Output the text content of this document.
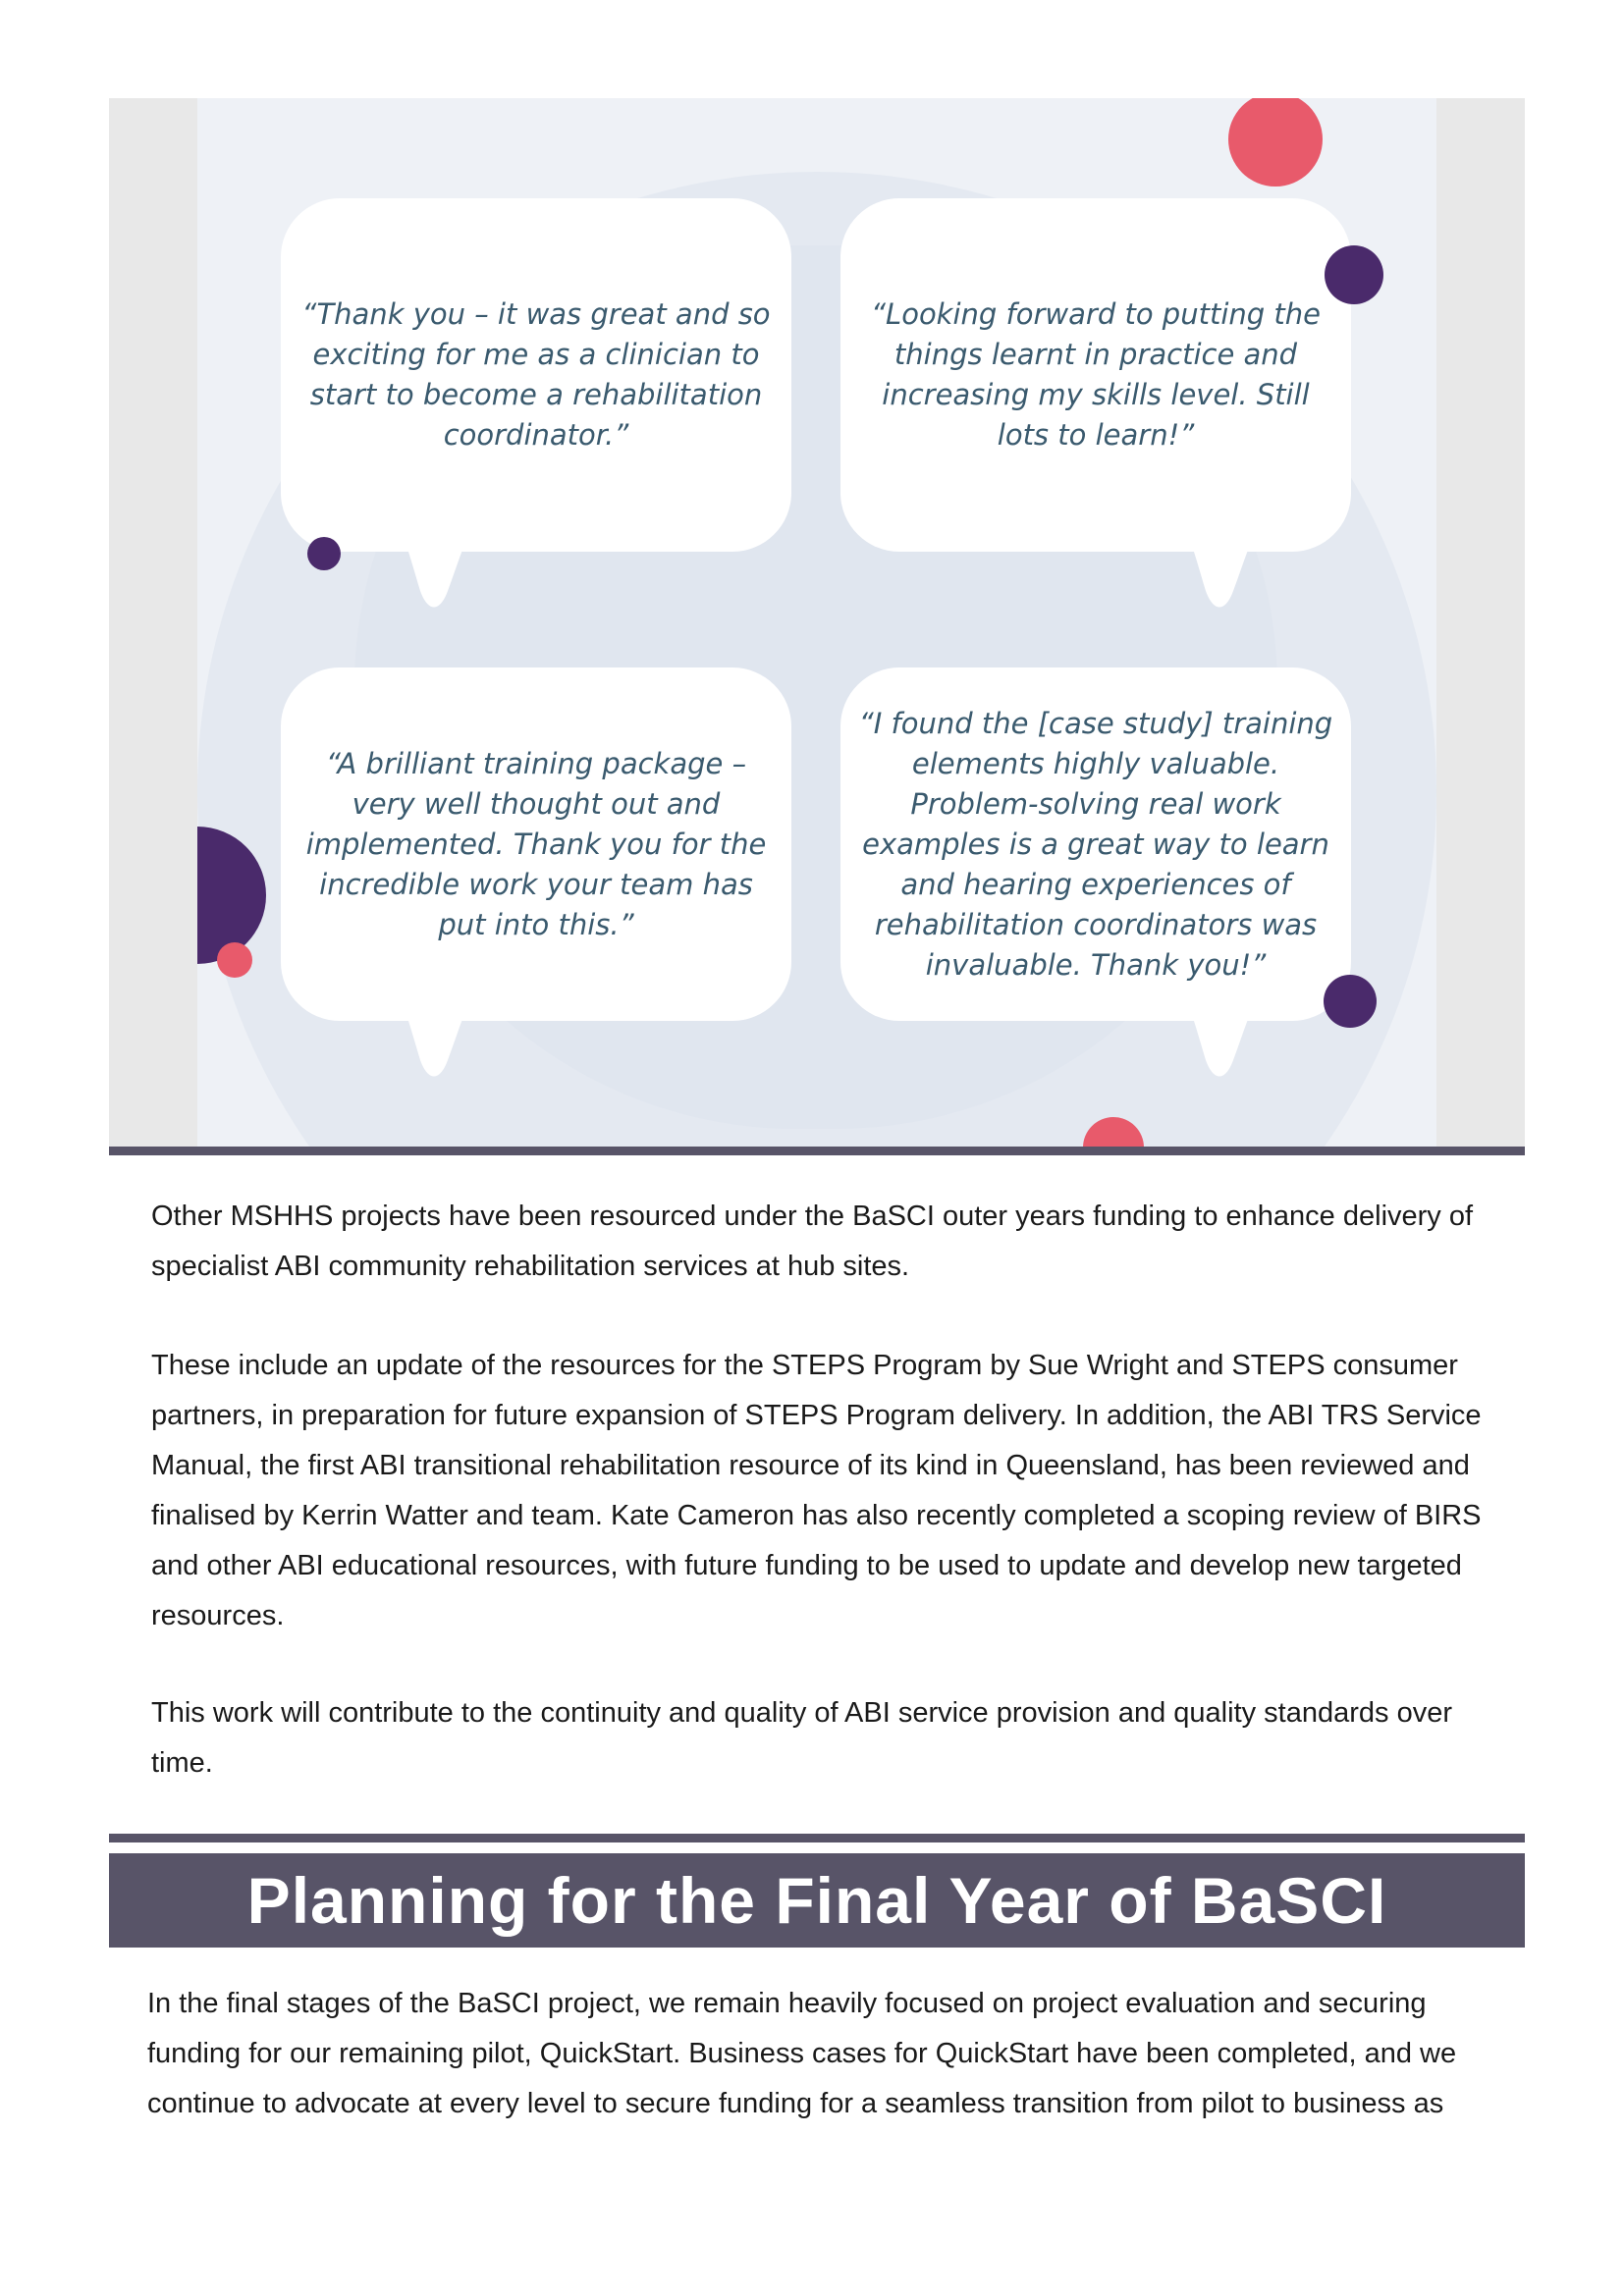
“Thank you – it was great and so exciting for me as a clinician to start to become a rehabilitation coordinator.”

“Looking forward to putting the things learnt in practice and increasing my skills level. Still lots to learn!”

“A brilliant training package – very well thought out and implemented. Thank you for the incredible work your team has put into this.”

“I found the [case study] training elements highly valuable. Problem-solving real work examples is a great way to learn and hearing experiences of rehabilitation coordinators was invaluable. Thank you!”

Other MSHHS projects have been resourced under the BaSCI outer years funding to enhance delivery of specialist ABI community rehabilitation services at hub sites.

These include an update of the resources for the STEPS Program by Sue Wright and STEPS consumer partners, in preparation for future expansion of STEPS Program delivery. In addition, the ABI TRS Service Manual, the first ABI transitional rehabilitation resource of its kind in Queensland, has been reviewed and finalised by Kerrin Watter and team. Kate Cameron has also recently completed a scoping review of BIRS and other ABI educational resources, with future funding to be used to update and develop new targeted resources.

This work will contribute to the continuity and quality of ABI service provision and quality standards over time.

Planning for the Final Year of BaSCI

In the final stages of the BaSCI project, we remain heavily focused on project evaluation and securing funding for our remaining pilot, QuickStart. Business cases for QuickStart have been completed, and we continue to advocate at every level to secure funding for a seamless transition from pilot to business as
